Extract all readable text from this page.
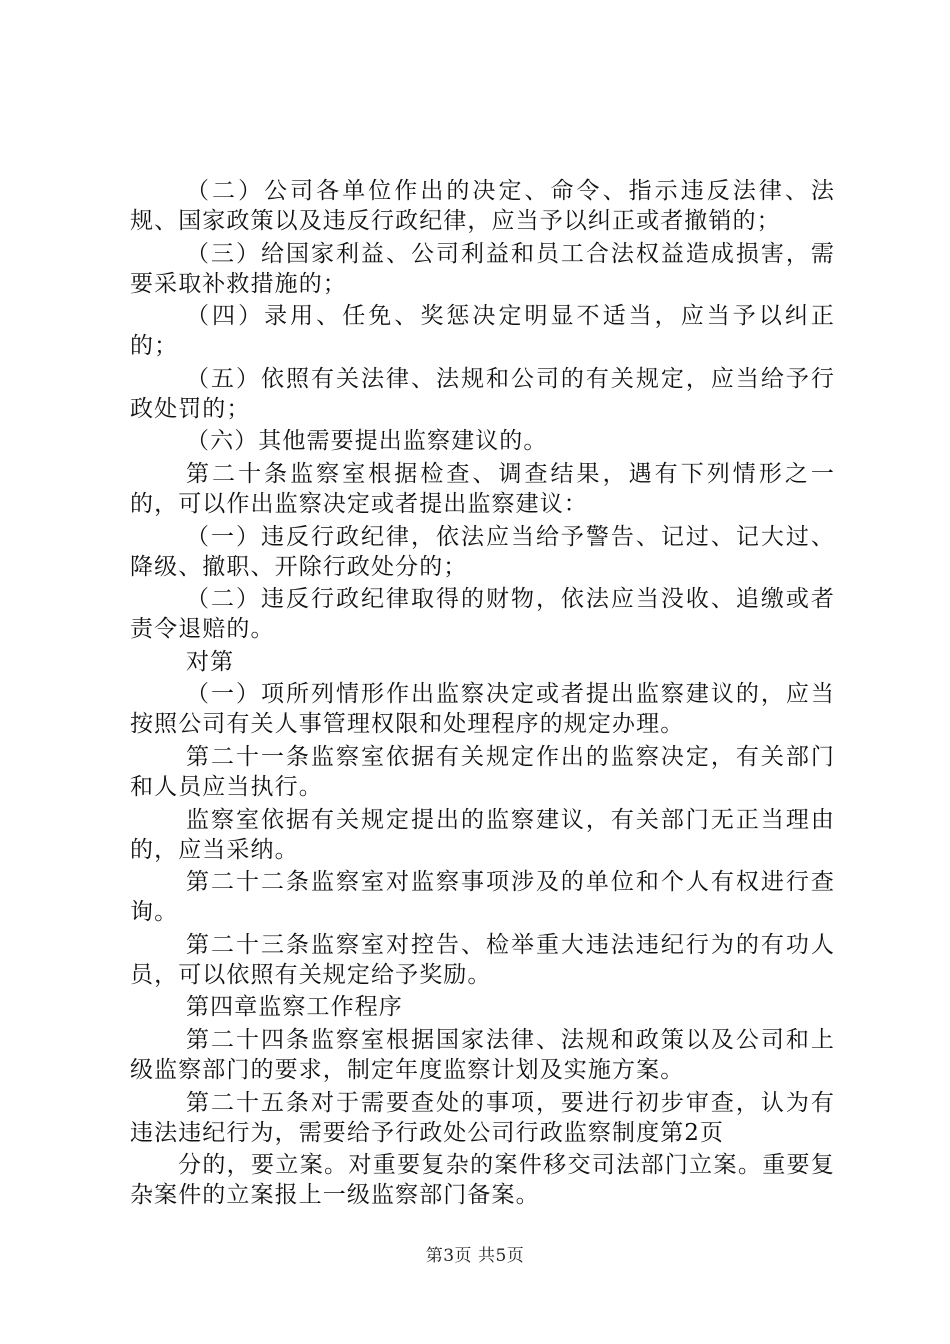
（二）公司各单位作出的决定、命令、指示违反法律、法规、国家政策以及违反行政纪律，应当予以纠正或者撤销的；

（三）给国家利益、公司利益和员工合法权益造成损害，需要采取补救措施的；

（四）录用、任免、奖惩决定明显不适当，应当予以纠正的；

（五）依照有关法律、法规和公司的有关规定，应当给予行政处罚的；

（六）其他需要提出监察建议的。

第二十条监察室根据检查、调查结果，遇有下列情形之一的，可以作出监察决定或者提出监察建议：

（一）违反行政纪律，依法应当给予警告、记过、记大过、降级、撤职、开除行政处分的；

（二）违反行政纪律取得的财物，依法应当没收、追缴或者责令退赔的。

对第

（一）项所列情形作出监察决定或者提出监察建议的，应当按照公司有关人事管理权限和处理程序的规定办理。

第二十一条监察室依据有关规定作出的监察决定，有关部门和人员应当执行。

监察室依据有关规定提出的监察建议，有关部门无正当理由的，应当采纳。

第二十二条监察室对监察事项涉及的单位和个人有权进行查询。

第二十三条监察室对控告、检举重大违法违纪行为的有功人员，可以依照有关规定给予奖励。

第四章监察工作程序

第二十四条监察室根据国家法律、法规和政策以及公司和上级监察部门的要求，制定年度监察计划及实施方案。

第二十五条对于需要查处的事项，要进行初步审查，认为有违法违纪行为，需要给予行政处公司行政监察制度第2页

分的，要立案。对重要复杂的案件移交司法部门立案。重要复杂案件的立案报上一级监察部门备案。

第3页 共5页
